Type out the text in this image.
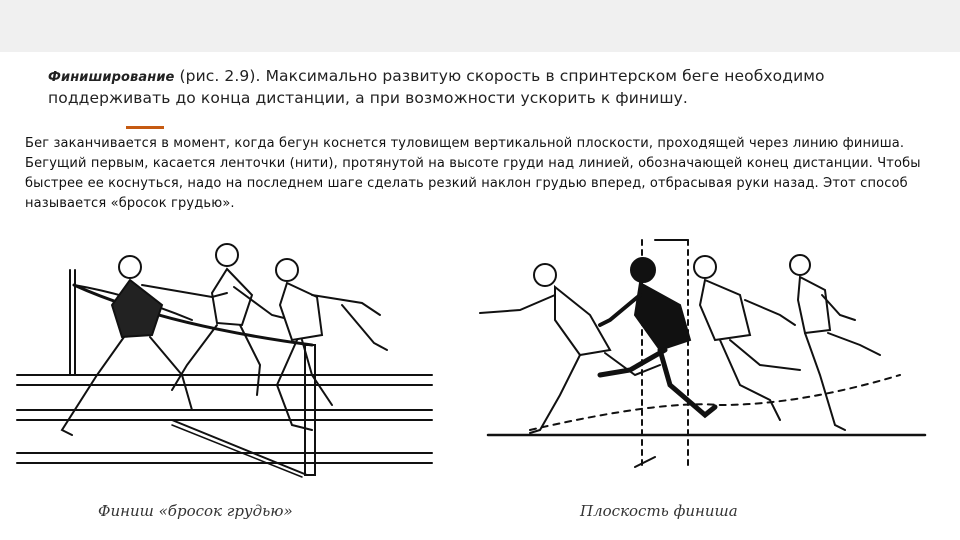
Финиширование (рис. 2.9). Максимально развитую скорость в спринтерском беге необходимо поддерживать до конца дистанции, а при возможности ускорить к финишу.
Бег заканчивается в момент, когда бегун коснется туловищем вертикальной плоскости, проходящей через линию финиша. Бегущий первым, касается ленточки (нити), протянутой на высоте груди над линией, обозначающей конец дистанции. Чтобы быстрее ее коснуться, надо на последнем шаге сделать резкий наклон грудью вперед, отбрасывая руки назад. Этот способ называется «бросок грудью».
Финиш «бросок грудью»	Плоскость финиша
